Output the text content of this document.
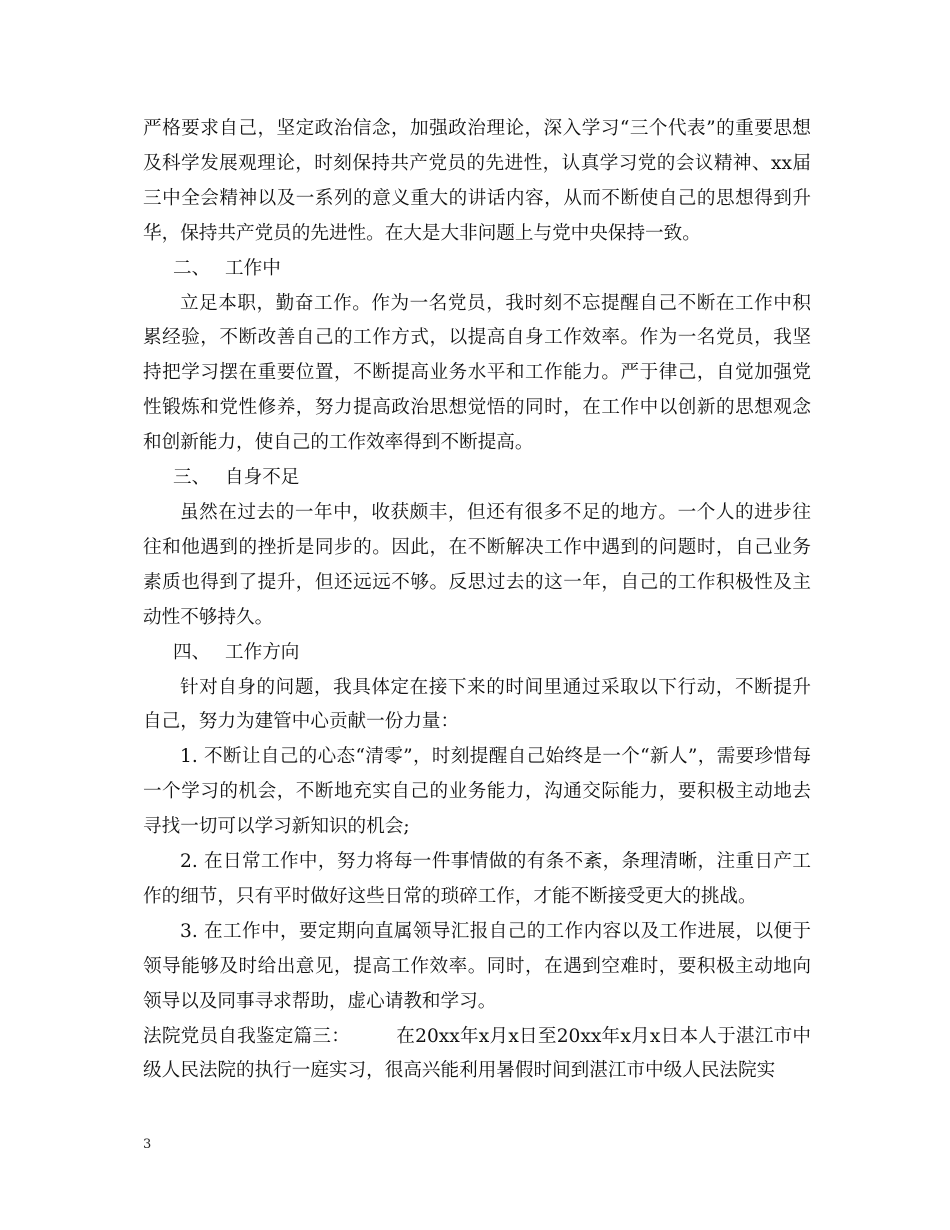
严格要求自己，坚定政治信念，加强政治理论，深入学习“三个代表”的重要思想及科学发展观理论，时刻保持共产党员的先进性，认真学习党的会议精神、xx届三中全会精神以及一系列的意义重大的讲话内容，从而不断使自己的思想得到升华，保持共产党员的先进性。在大是大非问题上与党中央保持一致。

二、 工作中

立足本职，勤奋工作。作为一名党员，我时刻不忘提醒自己不断在工作中积累经验，不断改善自己的工作方式，以提高自身工作效率。作为一名党员，我坚持把学习摆在重要位置，不断提高业务水平和工作能力。严于律己，自觉加强党性锻炼和党性修养，努力提高政治思想觉悟的同时，在工作中以创新的思想观念和创新能力，使自己的工作效率得到不断提高。

三、 自身不足

虽然在过去的一年中，收获颇丰，但还有很多不足的地方。一个人的进步往往和他遇到的挫折是同步的。因此，在不断解决工作中遇到的问题时，自己业务素质也得到了提升，但还远远不够。反思过去的这一年，自己的工作积极性及主动性不够持久。

四、 工作方向

针对自身的问题，我具体定在接下来的时间里通过采取以下行动，不断提升自己，努力为建管中心贡献一份力量：

1. 不断让自己的心态“清零”，时刻提醒自己始终是一个“新人”，需要珍惜每一个学习的机会，不断地充实自己的业务能力，沟通交际能力，要积极主动地去寻找一切可以学习新知识的机会;

2. 在日常工作中，努力将每一件事情做的有条不紊，条理清晰，注重日产工作的细节，只有平时做好这些日常的琐碎工作，才能不断接受更大的挑战。

3. 在工作中，要定期向直属领导汇报自己的工作内容以及工作进展，以便于领导能够及时给出意见，提高工作效率。同时，在遇到空难时，要积极主动地向领导以及同事寻求帮助，虚心请教和学习。

法院党员自我鉴定篇三： 在20xx年x月x日至20xx年x月x日本人于湛江市中级人民法院的执行一庭实习，很高兴能利用暑假时间到湛江市中级人民法院实

3
